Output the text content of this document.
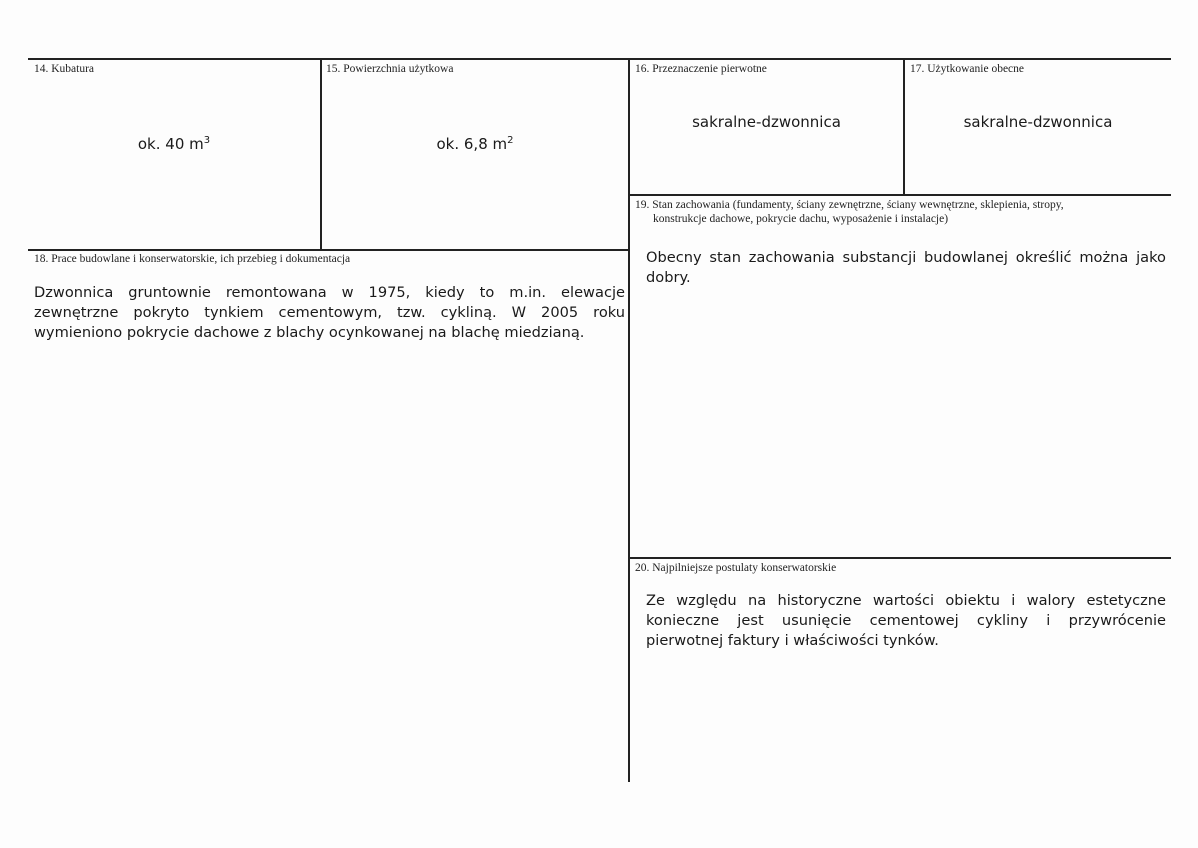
14. Kubatura
ok. 40 $m^3$
15. Powierzchnia użytkowa
ok. 6,8 $m^2$
16. Przeznaczenie pierwotne
sakralne-dzwonnica
17. Użytkowanie obecne
sakralne-dzwonnica
19. Stan zachowania (fundamenty, ściany zewnętrzne, ściany wewnętrzne, sklepienia, stropy,
konstrukcje dachowe, pokrycie dachu, wyposażenie i instalacje)
Obecny stan zachowania substancji budowlanej określić można jako dobry.
18. Prace budowlane i konserwatorskie, ich przebieg i dokumentacja
Dzwonnica gruntownie remontowana w 1975, kiedy to m.in. elewacje zewnętrzne pokryto tynkiem cementowym, tzw. cykliną. W 2005 roku wymieniono pokrycie dachowe z blachy ocynkowanej na blachę miedzianą.
20. Najpilniejsze postulaty konserwatorskie
Ze względu na historyczne wartości obiektu i walory estetyczne konieczne jest usunięcie cementowej cykliny i przywrócenie pierwotnej faktury i właściwości tynków.
